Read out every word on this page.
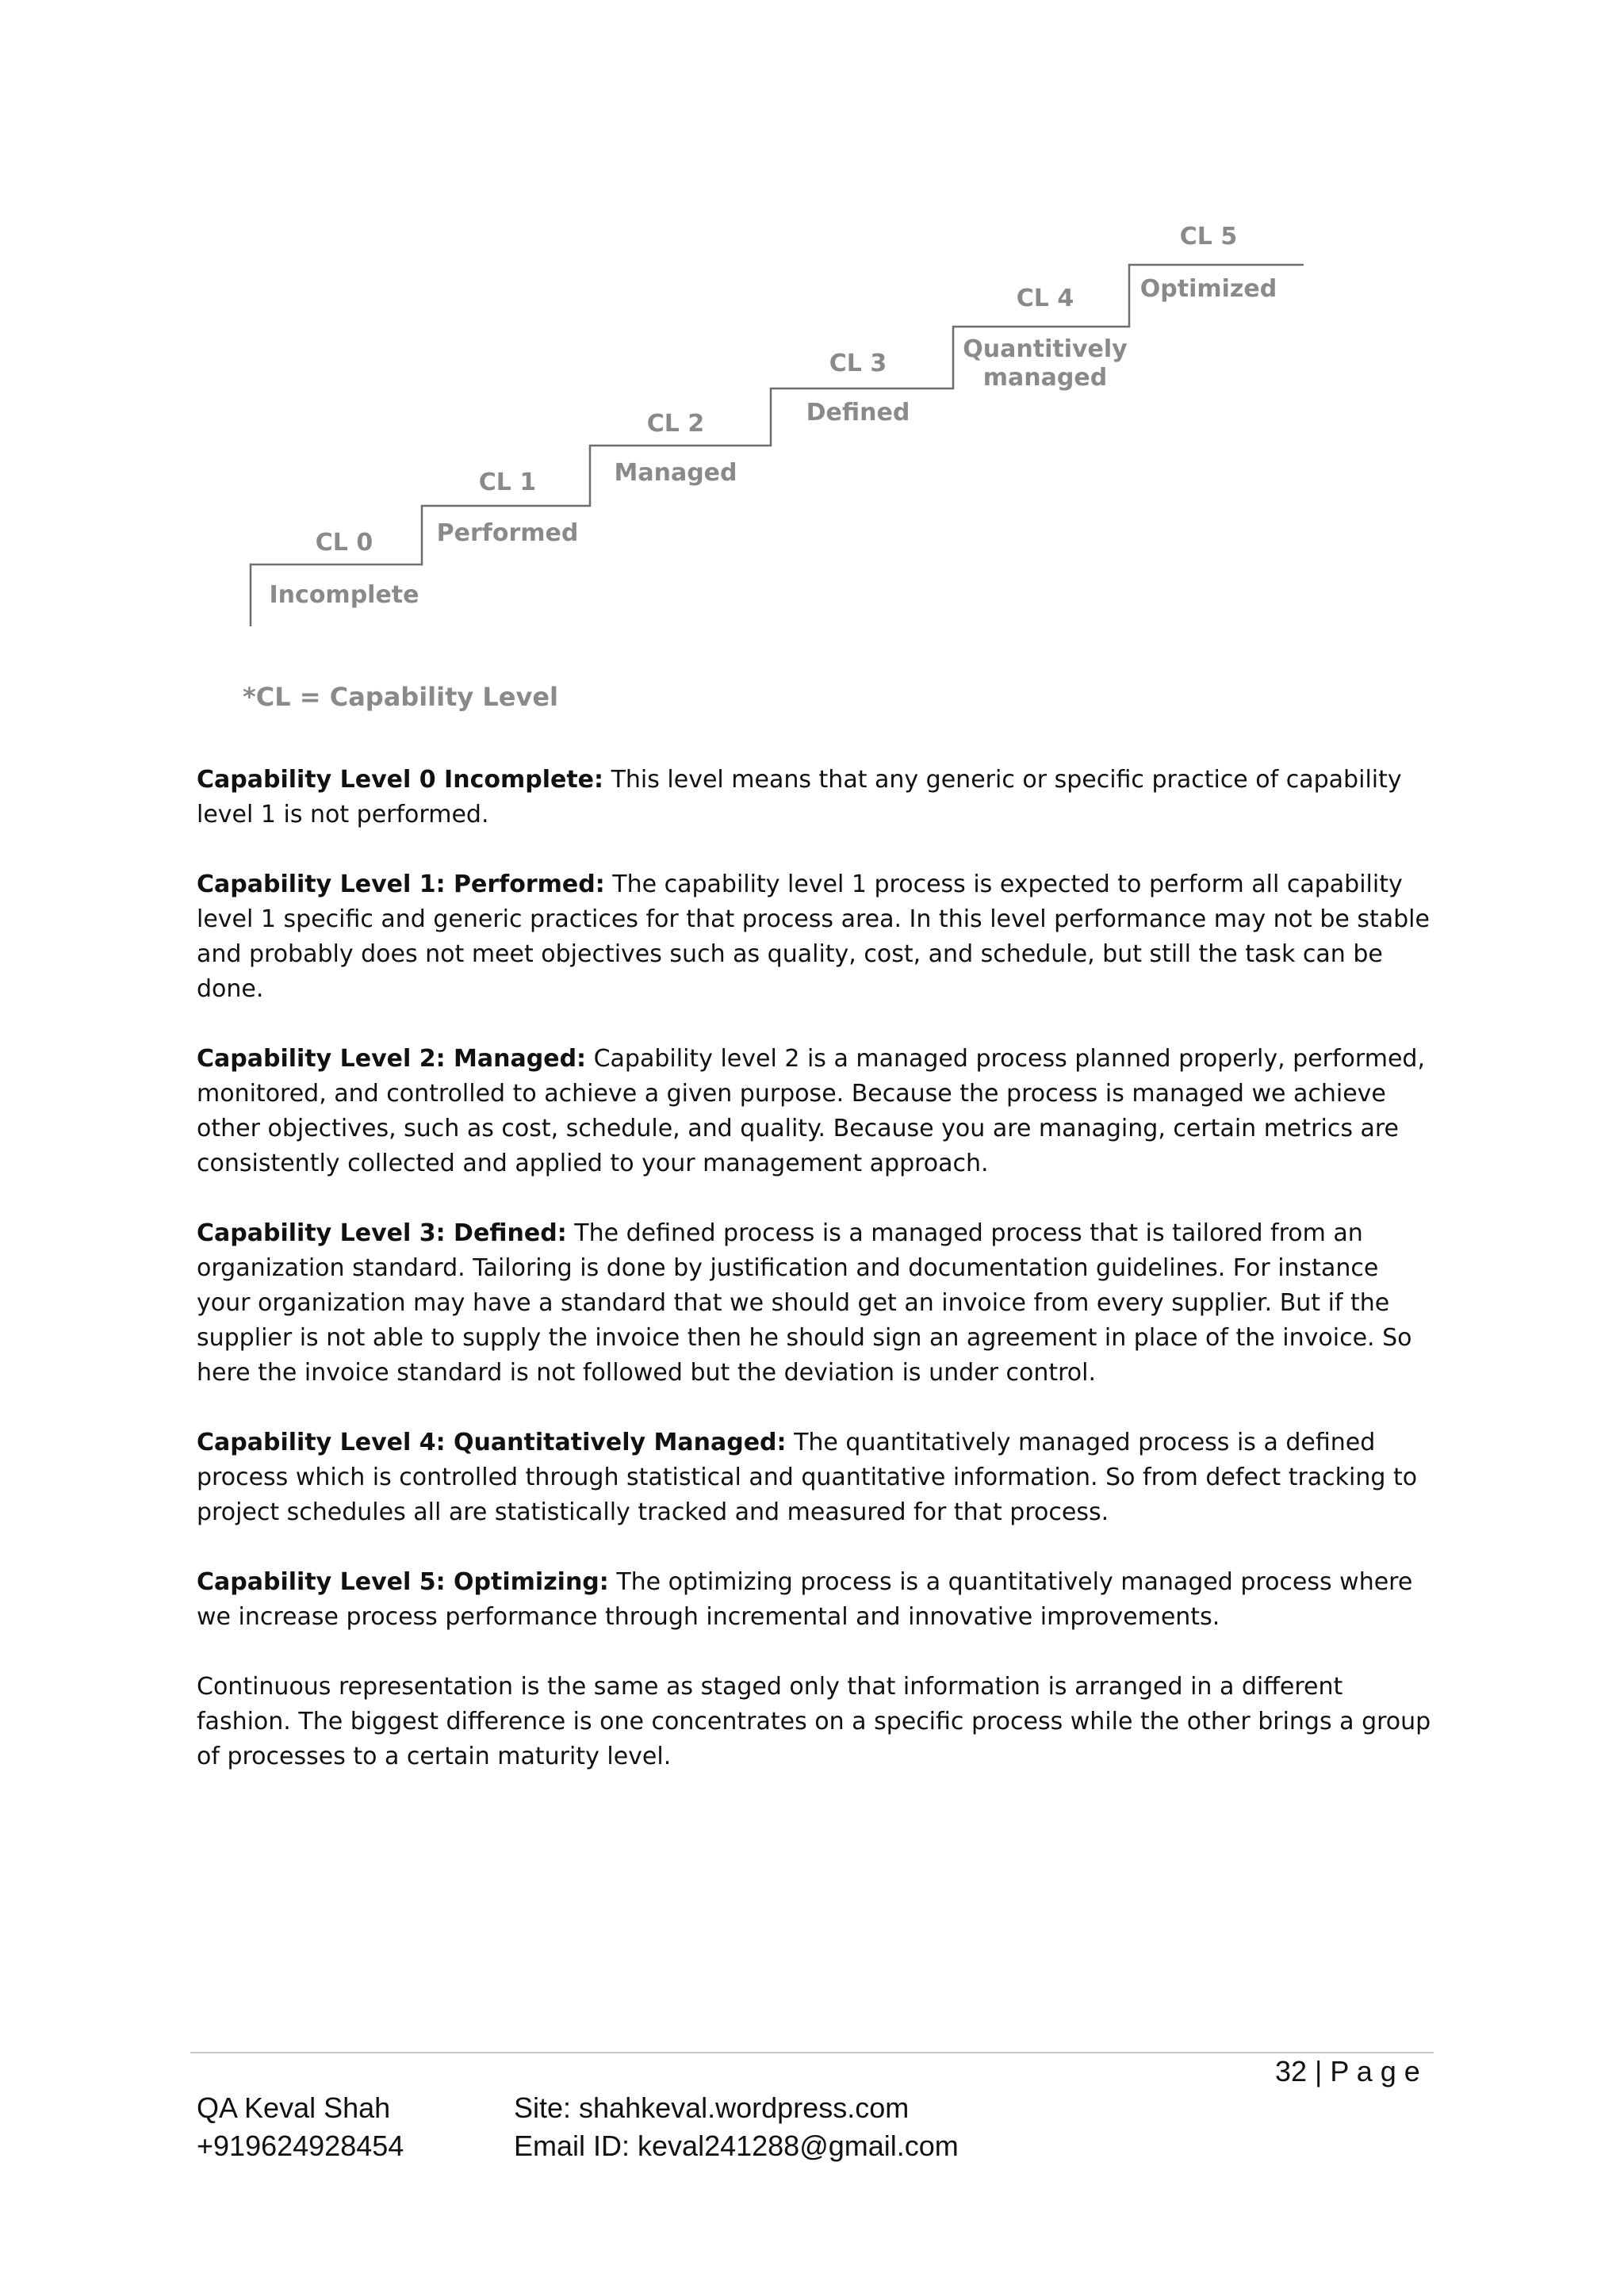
CL 0
Incomplete
CL 1
Performed
CL 2
Managed
CL 3
Defined
CL 4
Quantitively
managed
CL 5
Optimized
*CL = Capability Level

Capability Level 0 Incomplete: This level means that any generic or specific practice of capability level 1 is not performed.

Capability Level 1: Performed: The capability level 1 process is expected to perform all capability level 1 specific and generic practices for that process area. In this level performance may not be stable and probably does not meet objectives such as quality, cost, and schedule, but still the task can be done.

Capability Level 2: Managed: Capability level 2 is a managed process planned properly, performed, monitored, and controlled to achieve a given purpose. Because the process is managed we achieve other objectives, such as cost, schedule, and quality. Because you are managing, certain metrics are consistently collected and applied to your management approach.

Capability Level 3: Defined: The defined process is a managed process that is tailored from an organization standard. Tailoring is done by justification and documentation guidelines. For instance your organization may have a standard that we should get an invoice from every supplier. But if the supplier is not able to supply the invoice then he should sign an agreement in place of the invoice. So here the invoice standard is not followed but the deviation is under control.

Capability Level 4: Quantitatively Managed: The quantitatively managed process is a defined process which is controlled through statistical and quantitative information. So from defect tracking to project schedules all are statistically tracked and measured for that process.

Capability Level 5: Optimizing: The optimizing process is a quantitatively managed process where we increase process performance through incremental and innovative improvements.

Continuous representation is the same as staged only that information is arranged in a different fashion. The biggest difference is one concentrates on a specific process while the other brings a group of processes to a certain maturity level.

32 | P a g e
QA Keval Shah
+919624928454
Site: shahkeval.wordpress.com
Email ID: keval241288@gmail.com
